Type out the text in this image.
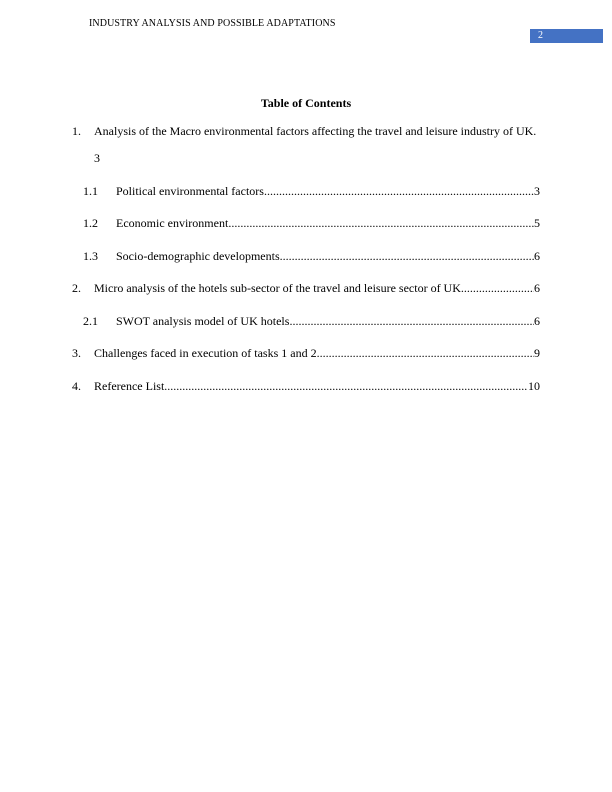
INDUSTRY ANALYSIS AND POSSIBLE ADAPTATIONS
2
Table of Contents
1. Analysis of the Macro environmental factors affecting the travel and leisure industry of UK.
3
1.1 Political environmental factors .....	3
1.2 Economic environment .....	5
1.3 Socio-demographic developments .....	6
2. Micro analysis of the hotels sub-sector of the travel and leisure sector of UK .....	6
2.1 SWOT analysis model of UK hotels .....	6
3. Challenges faced in execution of tasks 1 and 2 .....	9
4. Reference List .....	10
